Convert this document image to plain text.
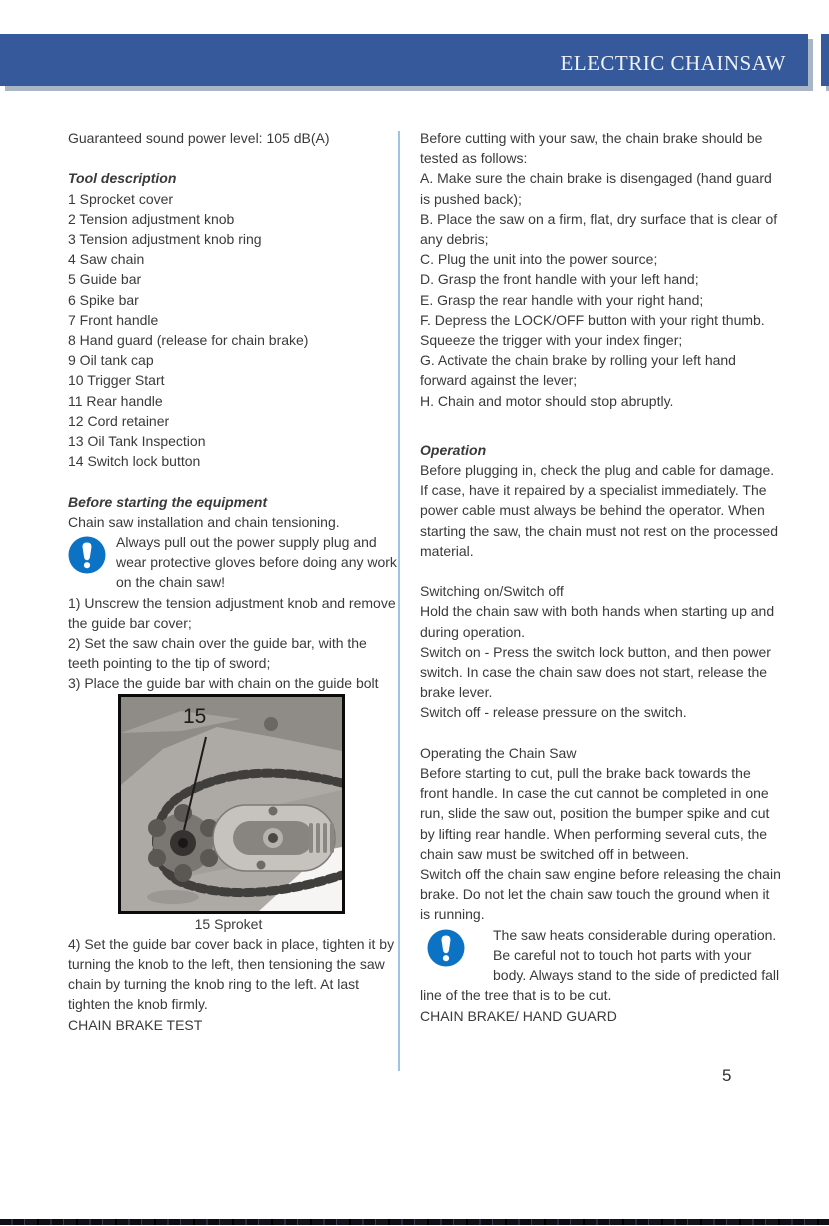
ELECTRIC CHAINSAW

Guaranteed sound power level: 105 dB(A)

Tool description

1 Sprocket cover

2 Tension adjustment knob

3 Tension adjustment knob ring

4 Saw chain

5 Guide bar

6 Spike bar

7 Front handle

8 Hand guard (release for chain brake)

9 Oil tank cap

10 Trigger Start

11 Rear handle

12 Cord retainer

13 Oil Tank Inspection

14 Switch lock button

Before starting the equipment

Chain saw installation and chain tensioning.

Always pull out the power supply plug and wear protective gloves before doing any work on the chain saw!

1) Unscrew the tension adjustment knob and remove the guide bar cover;

2) Set the saw chain over the guide bar, with the teeth pointing to the tip of sword;

3) Place the guide bar with chain on the guide bolt

15
15 Sproket

4) Set the guide bar cover back in place, tighten it by turning the knob to the left, then tensioning the saw chain by turning the knob ring to the left. At last tighten the knob firmly.

CHAIN BRAKE TEST

Before cutting with your saw, the chain brake should be tested as follows:

A. Make sure the chain brake is disengaged (hand guard is pushed back);

B. Place the saw on a firm, flat, dry surface that is clear of any debris;

C. Plug the unit into the power source;

D. Grasp the front handle with your left hand;

E. Grasp the rear handle with your right hand;

F. Depress the LOCK/OFF button with your right thumb. Squeeze the trigger with your index finger;

G. Activate the chain brake by rolling your left hand forward against the lever;

H. Chain and motor should stop abruptly.

Operation

Before plugging in, check the plug and cable for damage. If case, have it repaired by a specialist immediately. The power cable must always be behind the operator. When starting the saw, the chain must not rest on the processed material.

Switching on/Switch off

Hold the chain saw with both hands when starting up and during operation.

Switch on - Press the switch lock button, and then power switch. In case the chain saw does not start, release the brake lever.

Switch off - release pressure on the switch.

Operating the Chain Saw

Before starting to cut, pull the brake back towards the front handle. In case the cut cannot be completed in one run, slide the saw out, position the bumper spike and cut by lifting rear handle. When performing several cuts, the chain saw must be switched off in between.

Switch off the chain saw engine before releasing the chain brake. Do not let the chain saw touch the ground when it is running.

The saw heats considerable during operation. Be careful not to touch hot parts with your body. Always stand to the side of predicted fall line of the tree that is to be cut.

CHAIN BRAKE/ HAND GUARD

5
